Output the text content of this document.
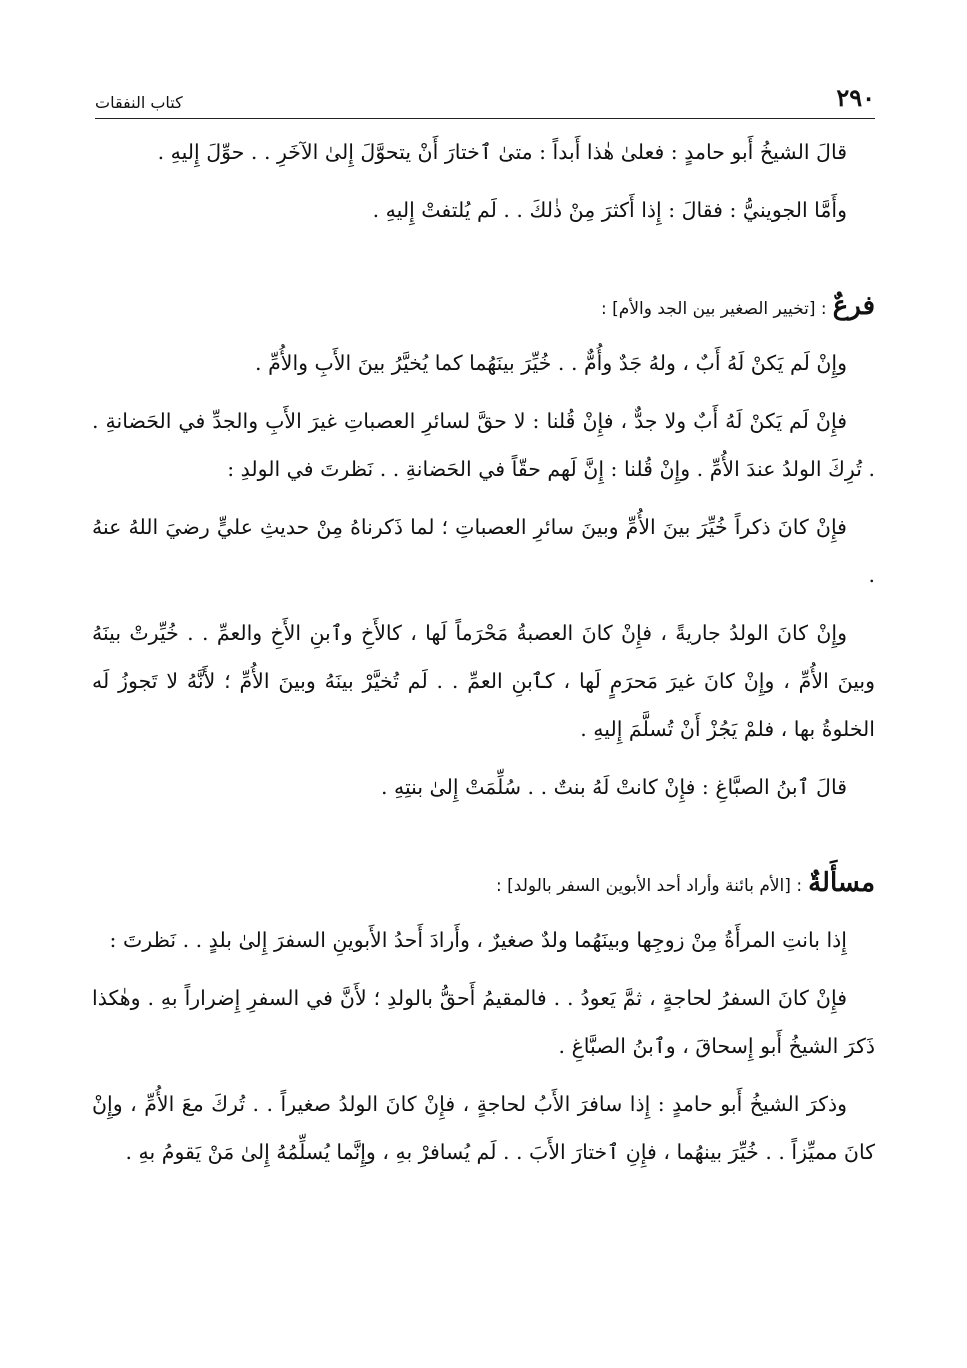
٢٩٠
كتاب النفقات

قالَ الشيخُ أَبو حامدٍ : فعلىٰ هٰذا أَبداً : متىٰ ٱختارَ أَنْ يتحوَّلَ إِلىٰ الآخَرِ . . حوِّلَ إِليهِ .

وأَمَّا الجوينيُّ : فقالَ : إِذا أَكثرَ مِنْ ذٰلكَ . . لَم يُلتفتْ إِليهِ .

فرعٌ : [تخيير الصغير بين الجد والأم] :

وإِنْ لَم يَكنْ لَهُ أَبٌ ، ولهُ جَدٌ وأُمٌّ . . خُيِّرَ بينَهُما كما يُخيَّرُ بينَ الأَبِ والأُمِّ .

فإِنْ لَم يَكنْ لَهُ أَبٌ ولا جدٌّ ، فإِنْ قُلنا : لا حقَّ لسائرِ العصباتِ غيرَ الأَبِ والجدِّ في الحَضانةِ . . تُرِكَ الولدُ عندَ الأُمِّ . وإِنْ قُلنا : إِنَّ لَهم حقّاً في الحَضانةِ . . نَظرتَ في الولدِ :

فإِنْ كانَ ذكراً خُيِّرَ بينَ الأُمِّ وبينَ سائرِ العصباتِ ؛ لما ذَكرناهُ مِنْ حديثِ عليٍّ رضيَ اللهُ عنهُ .

وإِنْ كانَ الولدُ جاريةً ، فإِنْ كانَ العصبةُ مَحْرَماً لَها ، كالأَخِ وٱبنِ الأَخِ والعمِّ . . خُيِّرتْ بينَهُ وبينَ الأُمِّ ، وإِنْ كانَ غيرَ مَحرَمٍ لَها ، كٱبنِ العمِّ . . لَم تُخيَّرْ بينَهُ وبينَ الأُمِّ ؛ لأَنَّهُ لا تَجوزُ لَه الخلوةُ بها ، فلمْ يَجُزْ أَنْ تُسلَّمَ إِليهِ .

قالَ ٱبنُ الصبَّاغِ : فإِنْ كانتْ لَهُ بنتٌ . . سُلِّمَتْ إِلىٰ بنتِهِ .

مسأَلةٌ : [الأم بائنة وأراد أحد الأبوين السفر بالولد] :

إِذا بانتِ المرأَةُ مِنْ زوجِها وبينَهُما ولدٌ صغيرٌ ، وأَرادَ أَحدُ الأَبوينِ السفرَ إِلىٰ بلدٍ . . نَظرتَ :

فإِنْ كانَ السفرُ لحاجةٍ ، ثمَّ يَعودُ . . فالمقيمُ أَحقُّ بالولدِ ؛ لأَنَّ في السفرِ إِضراراً بهِ . وهٰكذا ذَكرَ الشيخُ أَبو إِسحاقَ ، وٱبنُ الصبَّاغِ .

وذكرَ الشيخُ أَبو حامدٍ : إِذا سافرَ الأَبُ لحاجةٍ ، فإِنْ كانَ الولدُ صغيراً . . تُركَ معَ الأُمِّ ، وإِنْ كانَ مميِّزاً . . خُيِّرَ بينهُما ، فإِنِ ٱختارَ الأَبَ . . لَم يُسافرْ بهِ ، وإِنَّما يُسلِّمُهُ إِلىٰ مَنْ يَقومُ بهِ .
